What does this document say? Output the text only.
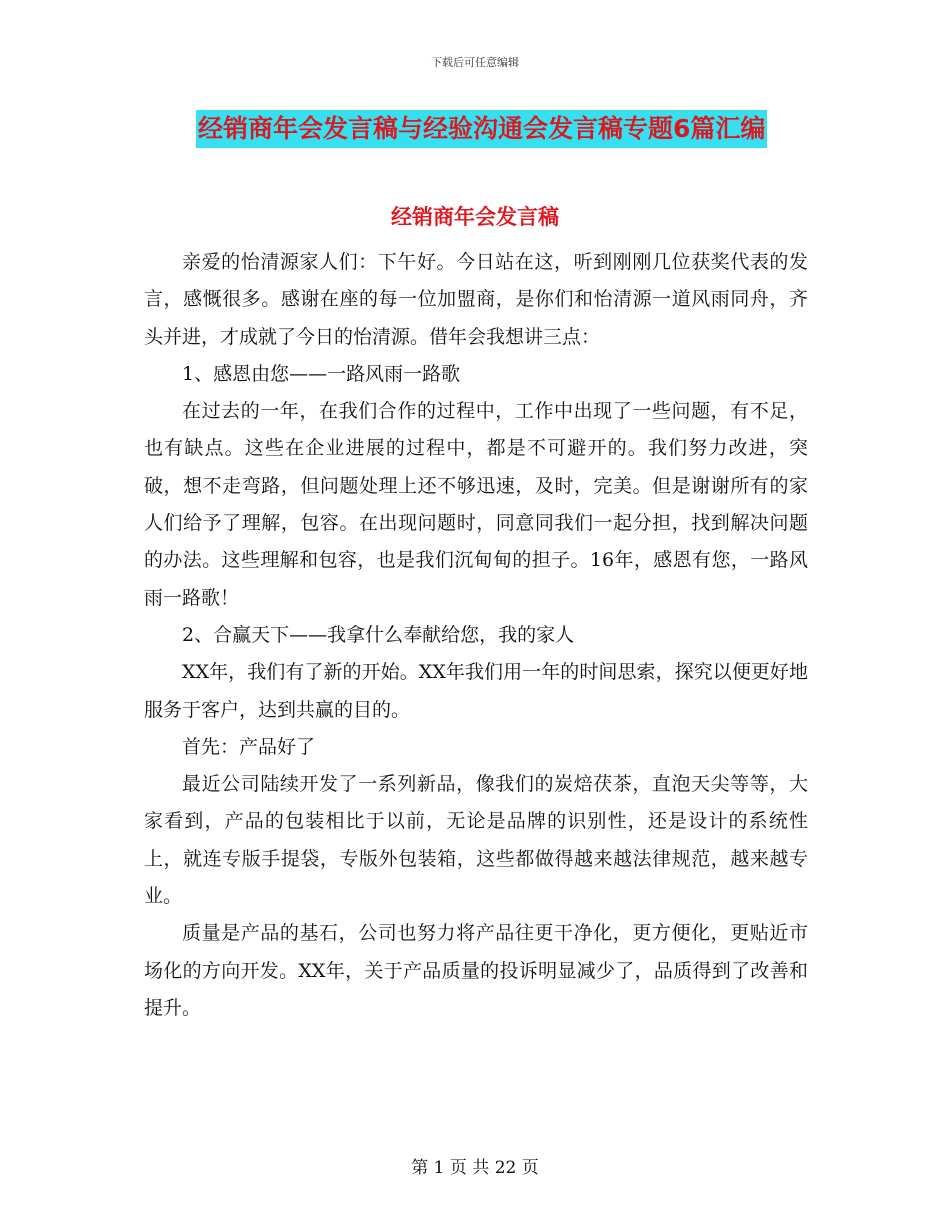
下载后可任意编辑
经销商年会发言稿与经验沟通会发言稿专题6篇汇编
经销商年会发言稿

亲爱的怡清源家人们：下午好。今日站在这，听到刚刚几位获奖代表的发言，感慨很多。感谢在座的每一位加盟商，是你们和怡清源一道风雨同舟，齐头并进，才成就了今日的怡清源。借年会我想讲三点：

1、感恩由您——一路风雨一路歌

在过去的一年，在我们合作的过程中，工作中出现了一些问题，有不足，也有缺点。这些在企业进展的过程中，都是不可避开的。我们努力改进，突破，想不走弯路，但问题处理上还不够迅速，及时，完美。但是谢谢所有的家人们给予了理解，包容。在出现问题时，同意同我们一起分担，找到解决问题的办法。这些理解和包容，也是我们沉甸甸的担子。16年，感恩有您，一路风雨一路歌！

2、合赢天下——我拿什么奉献给您，我的家人

XX年，我们有了新的开始。XX年我们用一年的时间思索，探究以便更好地服务于客户，达到共赢的目的。

首先：产品好了

最近公司陆续开发了一系列新品，像我们的炭焙茯茶，直泡天尖等等，大家看到，产品的包装相比于以前，无论是品牌的识别性，还是设计的系统性上，就连专版手提袋，专版外包装箱，这些都做得越来越法律规范，越来越专业。

质量是产品的基石，公司也努力将产品往更干净化，更方便化，更贴近市场化的方向开发。XX年，关于产品质量的投诉明显减少了，品质得到了改善和提升。

第 1 页 共 22 页
